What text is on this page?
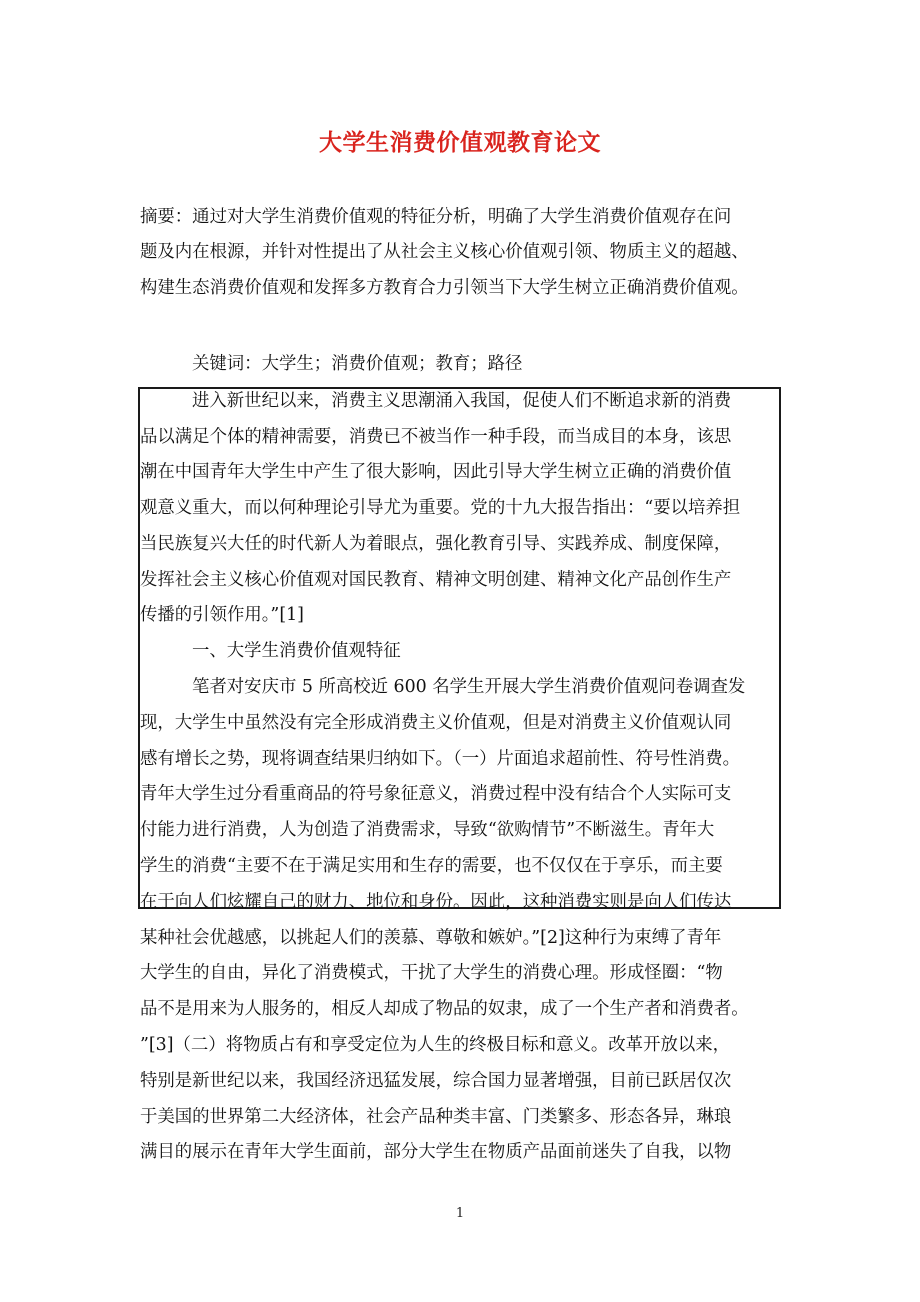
大学生消费价值观教育论文
摘要：通过对大学生消费价值观的特征分析，明确了大学生消费价值观存在问
题及内在根源，并针对性提出了从社会主义核心价值观引领、物质主义的超越、
构建生态消费价值观和发挥多方教育合力引领当下大学生树立正确消费价值观。
关键词：大学生；消费价值观；教育；路径
进入新世纪以来，消费主义思潮涌入我国，促使人们不断追求新的消费
品以满足个体的精神需要，消费已不被当作一种手段，而当成目的本身，该思
潮在中国青年大学生中产生了很大影响，因此引导大学生树立正确的消费价值
观意义重大，而以何种理论引导尤为重要。党的十九大报告指出：“要以培养担
当民族复兴大任的时代新人为着眼点，强化教育引导、实践养成、制度保障，
发挥社会主义核心价值观对国民教育、精神文明创建、精神文化产品创作生产
传播的引领作用。”[1]
一、大学生消费价值观特征
笔者对安庆市 5 所高校近 600 名学生开展大学生消费价值观问卷调查发
现，大学生中虽然没有完全形成消费主义价值观，但是对消费主义价值观认同
感有增长之势，现将调查结果归纳如下。（一）片面追求超前性、符号性消费。
青年大学生过分看重商品的符号象征意义，消费过程中没有结合个人实际可支
付能力进行消费，人为创造了消费需求，导致“欲购情节”不断滋生。青年大
学生的消费“主要不在于满足实用和生存的需要，也不仅仅在于享乐，而主要
在于向人们炫耀自己的财力、地位和身份。因此，这种消费实则是向人们传达
某种社会优越感，以挑起人们的羡慕、尊敬和嫉妒。”[2]这种行为束缚了青年
大学生的自由，异化了消费模式，干扰了大学生的消费心理。形成怪圈：“物
品不是用来为人服务的，相反人却成了物品的奴隶，成了一个生产者和消费者。
”[3]（二）将物质占有和享受定位为人生的终极目标和意义。改革开放以来，
特别是新世纪以来，我国经济迅猛发展，综合国力显著增强，目前已跃居仅次
于美国的世界第二大经济体，社会产品种类丰富、门类繁多、形态各异，琳琅
满目的展示在青年大学生面前，部分大学生在物质产品面前迷失了自我，以物
1
